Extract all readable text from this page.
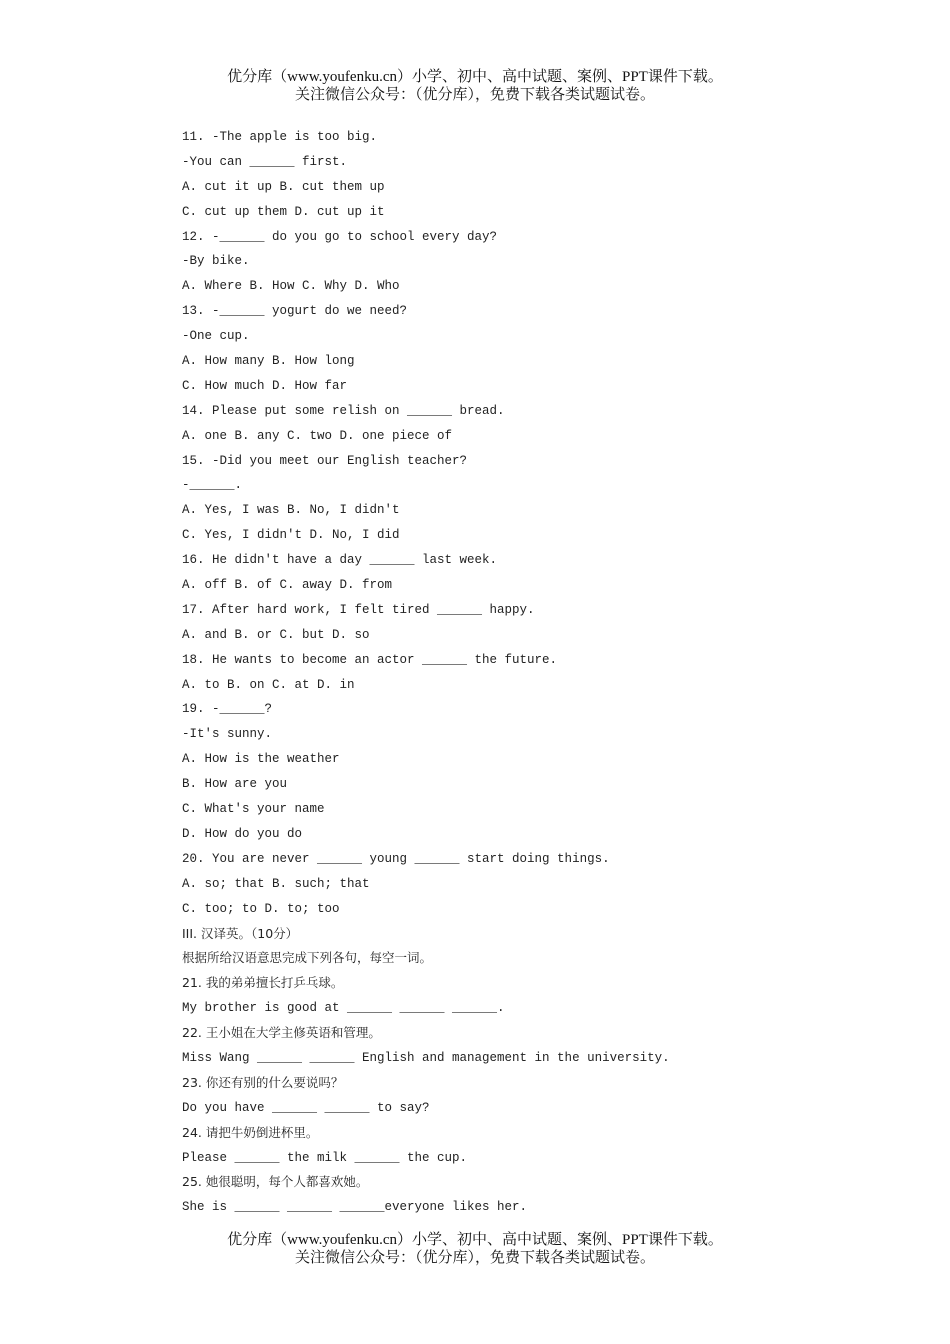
优分库（www.youfenku.cn）小学、初中、高中试题、案例、PPT课件下载。
关注微信公众号：（优分库），免费下载各类试题试卷。
11. -The apple is too big.
-You can ______ first.
A. cut it up B. cut them up
C. cut up them D. cut up it
12. -______ do you go to school every day?
-By bike.
A. Where B. How C. Why D. Who
13. -______ yogurt do we need?
-One cup.
A. How many B. How long
C. How much D. How far
14. Please put some relish on ______ bread.
A. one B. any C. two D. one piece of
15. -Did you meet our English teacher?
-______.
A. Yes, I was B. No, I didn't
C. Yes, I didn't D. No, I did
16. He didn't have a day ______ last week.
A. off B. of C. away D. from
17. After hard work, I felt tired ______ happy.
A. and B. or C. but D. so
18. He wants to become an actor ______ the future.
A. to B. on C. at D. in
19. -______?
-It's sunny.
A. How is the weather
B. How are you
C. What's your name
D. How do you do
20. You are never ______ young ______ start doing things.
A. so; that B. such; that
C. too; to D. to; too
III. 汉译英。（10分）
根据所给汉语意思完成下列各句，每空一词。
21. 我的弟弟擅长打乒乓球。
My brother is good at ______ ______ ______.
22. 王小姐在大学主修英语和管理。
Miss Wang ______ ______ English and management in the university.
23. 你还有别的什么要说吗？
Do you have ______ ______ to say?
24. 请把牛奶倒进杯里。
Please ______ the milk ______ the cup.
25. 她很聪明，每个人都喜欢她。
She is ______ ______ ______everyone likes her.
优分库（www.youfenku.cn）小学、初中、高中试题、案例、PPT课件下载。
关注微信公众号：（优分库），免费下载各类试题试卷。
